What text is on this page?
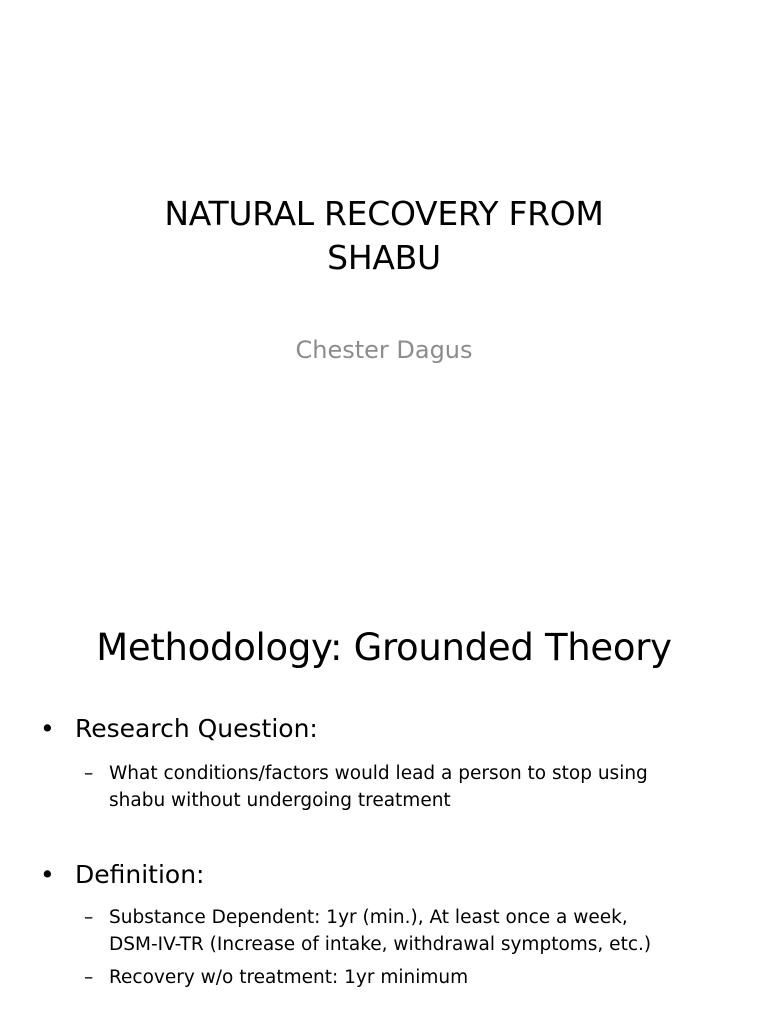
NATURAL RECOVERY FROM
SHABU
Chester Dagus
Methodology: Grounded Theory
• Research Question:
– What conditions/factors would lead a person to stop using
shabu without undergoing treatment
• Definition:
– Substance Dependent: 1yr (min.), At least once a week,
DSM-IV-TR (Increase of intake, withdrawal symptoms, etc.)
– Recovery w/o treatment: 1yr minimum
